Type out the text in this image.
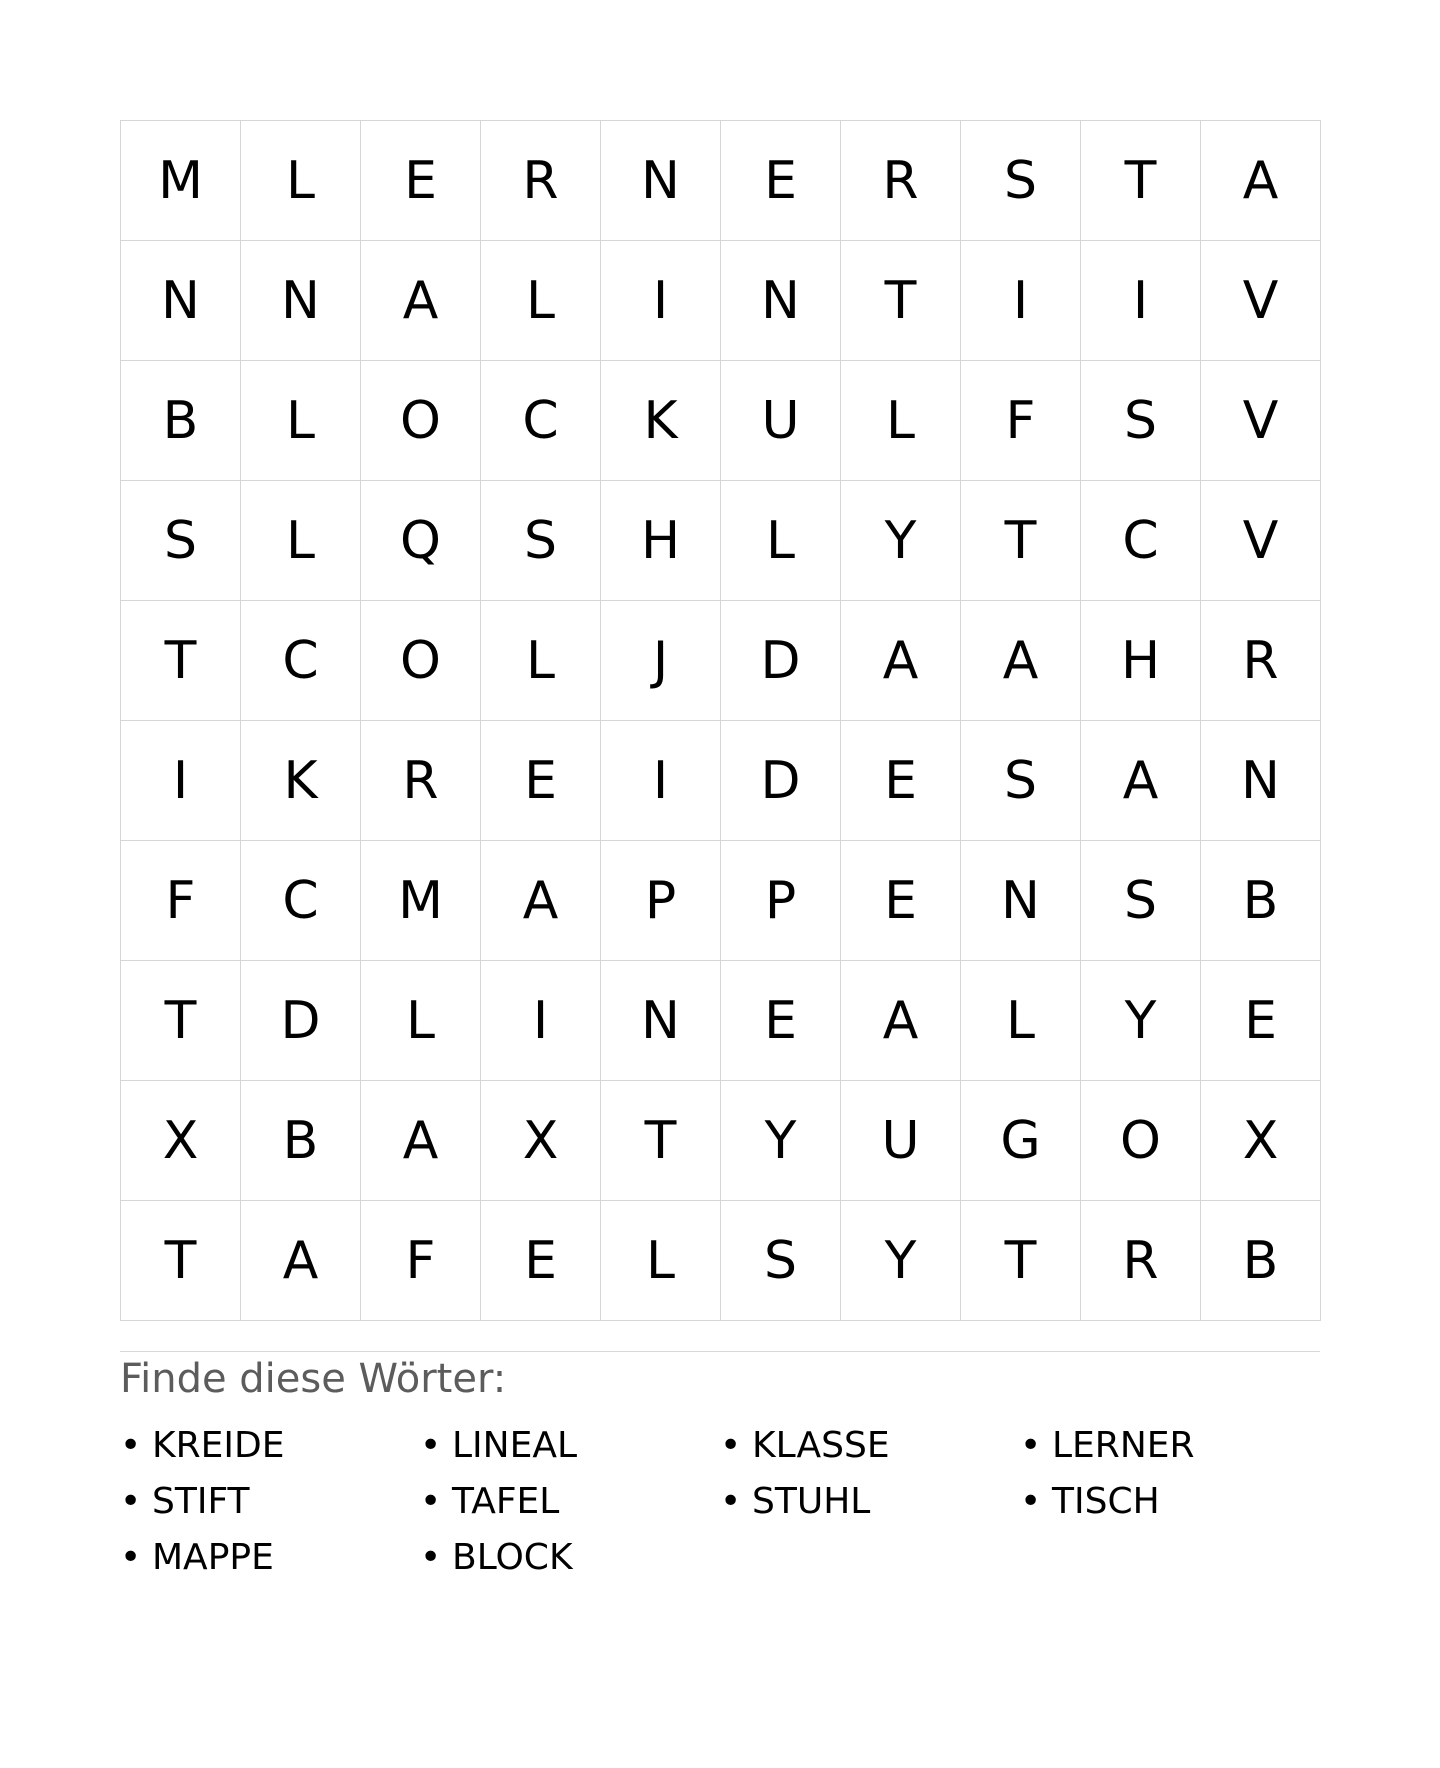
M	L	E	R	N	E	R	S	T	A
N	N	A	L	I	N	T	I	I	V
B	L	O	C	K	U	L	F	S	V
S	L	Q	S	H	L	Y	T	C	V
T	C	O	L	J	D	A	A	H	R
I	K	R	E	I	D	E	S	A	N
F	C	M	A	P	P	E	N	S	B
T	D	L	I	N	E	A	L	Y	E
X	B	A	X	T	Y	U	G	O	X
T	A	F	E	L	S	Y	T	R	B
Finde diese Wörter:
• KREIDE	• LINEAL	• KLASSE	• LERNER
• STIFT	• TAFEL	• STUHL	• TISCH
• MAPPE	• BLOCK
